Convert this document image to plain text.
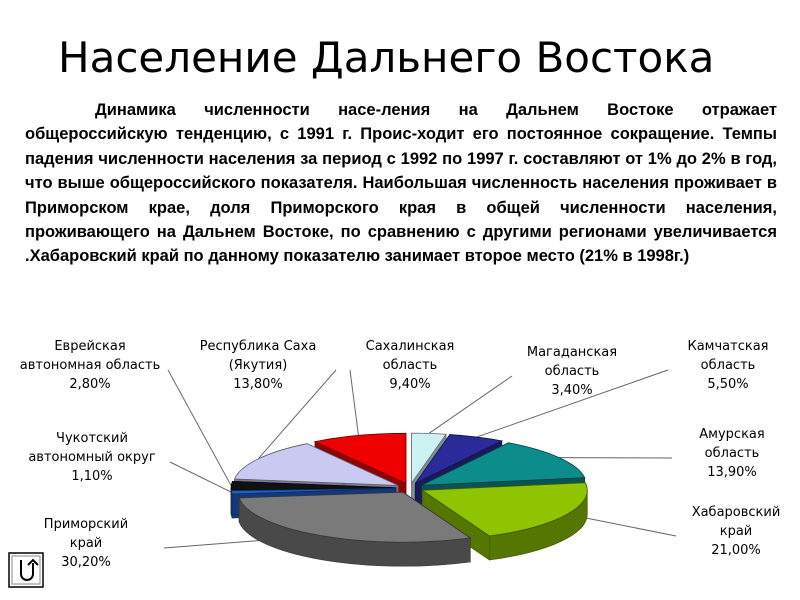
Население Дальнего Востока
Динамика численности насе-ления на Дальнем Востоке отражает общероссийскую тенденцию, с 1991 г. Проис-ходит его постоянное сокращение. Темпы падения численности населения за период с 1992 по 1997 г. составляют от 1% до 2% в год, что выше общероссийского показателя. Наибольшая численность населения проживает в Приморском крае, доля Приморского края в общей численности населения, проживающего на Дальнем Востоке, по сравнению с другими регионами увеличивается .Хабаровский край по данному показателю занимает второе место (21% в 1998г.)
Магаданская область 3,40%
Камчатская область 5,50%
Амурская область 13,90%
Хабаровский край 21,00%
Приморский край 30,20%
Чукотский автономный округ 1,10%
Еврейская автономная область 2,80%
Республика Саха (Якутия) 13,80%
Сахалинская область 9,40%
